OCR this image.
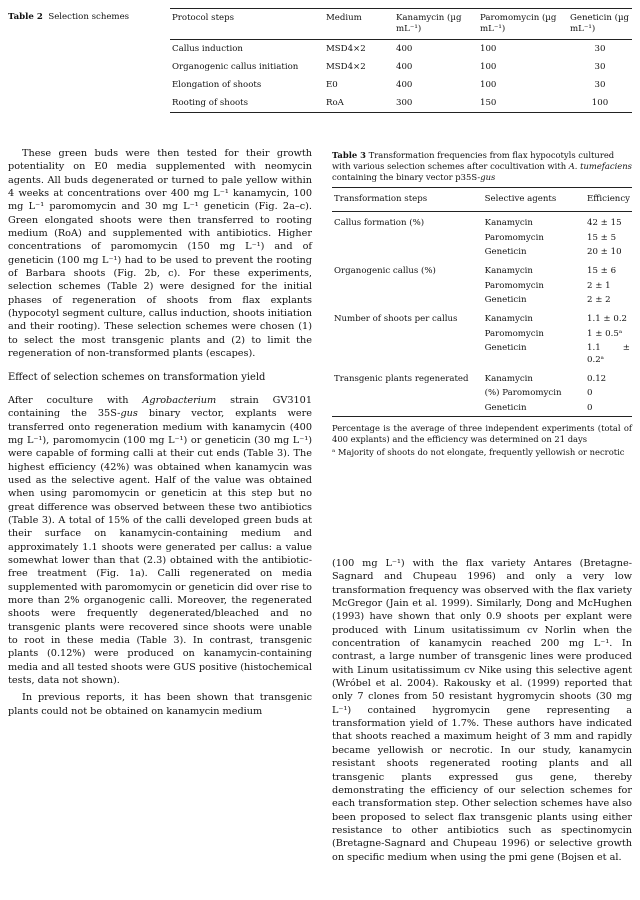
Table 2 Selection schemes	Protocol steps	Medium	Kanamycin (µg mL⁻¹)	Paromomycin (µg mL⁻¹)	Geneticin (µg mL⁻¹)
Callus induction	MSD4×2	400	100	30
Organogenic callus initiation	MSD4×2	400	100	30
Elongation of shoots	E0	400	100	30
Rooting of shoots	RoA	300	150	100

These green buds were then tested for their growth potentiality on E0 media supplemented with neomycin agents. All buds degenerated or turned to pale yellow within 4 weeks at concentrations over 400 mg L⁻¹ kanamycin, 100 mg L⁻¹ paromomycin and 30 mg L⁻¹ geneticin (Fig. 2a–c). Green elongated shoots were then transferred to rooting medium (RoA) and supplemented with antibiotics. Higher concentrations of paromomycin (150 mg L⁻¹) and of geneticin (100 mg L⁻¹) had to be used to prevent the rooting of Barbara shoots (Fig. 2b, c). For these experiments, selection schemes (Table 2) were designed for the initial phases of regeneration of shoots from flax explants (hypocotyl segment culture, callus induction, shoots initiation and their rooting). These selection schemes were chosen (1) to select the most transgenic plants and (2) to limit the regeneration of non-transformed plants (escapes).

Effect of selection schemes on transformation yield

After coculture with Agrobacterium strain GV3101 containing the 35S-gus binary vector, explants were transferred onto regeneration medium with kanamycin (400 mg L⁻¹), paromomycin (100 mg L⁻¹) or geneticin (30 mg L⁻¹) were capable of forming calli at their cut ends (Table 3). The highest efficiency (42%) was obtained when kanamycin was used as the selective agent. Half of the value was obtained when using paromomycin or geneticin at this step but no great difference was observed between these two antibiotics (Table 3). A total of 15% of the calli developed green buds at their surface on kanamycin-containing medium and approximately 1.1 shoots were generated per callus: a value somewhat lower than that (2.3) obtained with the antibiotic-free treatment (Fig. 1a). Calli regenerated on media supplemented with paromomycin or geneticin did over rise to more than 2% organogenic calli. Moreover, the regenerated shoots were frequently degenerated/bleached and no transgenic plants were recovered since shoots were unable to root in these media (Table 3). In contrast, transgenic plants (0.12%) were produced on kanamycin-containing media and all tested shoots were GUS positive (histochemical tests, data not shown).

In previous reports, it has been shown that transgenic plants could not be obtained on kanamycin medium

Table 3 Transformation frequencies from flax hypocotyls cultured with various selection schemes after cocultivation with A. tumefaciens containing the binary vector p35S-gus
Transformation steps	Selective agents	Efficiency
Callus formation (%)	Kanamycin	42 ± 15
	Paromomycin	15 ± 5
	Geneticin	20 ± 10
Organogenic callus (%)	Kanamycin	15 ± 6
	Paromomycin	2 ± 1
	Geneticin	2 ± 2
Number of shoots per callus	Kanamycin	1.1 ± 0.2
	Paromomycin	1 ± 0.5ᵃ
	Geneticin	1.1 ± 0.2ᵃ
Transgenic plants regenerated	Kanamycin	0.12
	(%) Paromomycin	0
	Geneticin	0

Percentage is the average of three independent experiments (total of 400 explants) and the efficiency was determined on 21 days

ᵃ Majority of shoots do not elongate, frequently yellowish or necrotic

(100 mg L⁻¹) with the flax variety Antares (Bretagne-Sagnard and Chupeau 1996) and only a very low transformation frequency was observed with the flax variety McGregor (Jain et al. 1999). Similarly, Dong and McHughen (1993) have shown that only 0.9 shoots per explant were produced with Linum usitatissimum cv Norlin when the concentration of kanamycin reached 200 mg L⁻¹. In contrast, a large number of transgenic lines were produced with Linum usitatissimum cv Nike using this selective agent (Wróbel et al. 2004). Rakousky et al. (1999) reported that only 7 clones from 50 resistant hygromycin shoots (30 mg L⁻¹) contained hygromycin gene representing a transformation yield of 1.7%. These authors have indicated that shoots reached a maximum height of 3 mm and rapidly became yellowish or necrotic. In our study, kanamycin resistant shoots regenerated rooting plants and all transgenic plants expressed gus gene, thereby demonstrating the efficiency of our selection schemes for each transformation step. Other selection schemes have also been proposed to select flax transgenic plants using either resistance to other antibiotics such as spectinomycin (Bretagne-Sagnard and Chupeau 1996) or selective growth on specific medium when using the pmi gene (Bojsen et al.
